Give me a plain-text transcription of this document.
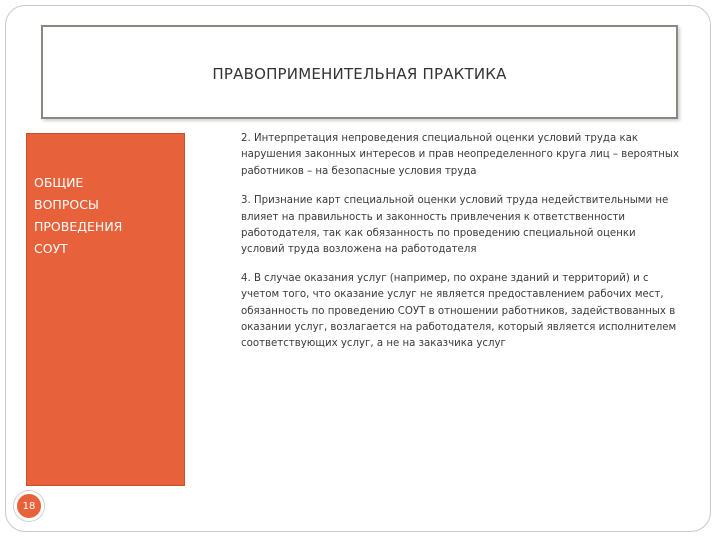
ПРАВОПРИМЕНИТЕЛЬНАЯ ПРАКТИКА
ОБЩИЕ
ВОПРОСЫ
ПРОВЕДЕНИЯ
СОУТ

2. Интерпретация непроведения специальной оценки условий труда как нарушения законных интересов и прав неопределенного круга лиц – вероятных работников – на безопасные условия труда

3. Признание карт специальной оценки условий труда недействительными не влияет на правильность и законность привлечения к ответственности работодателя, так как обязанность по проведению специальной оценки условий труда возложена на работодателя

4. В случае оказания услуг (например, по охране зданий и территорий) и с учетом того, что оказание услуг не является предоставлением рабочих мест, обязанность по проведению СОУТ в отношении работников, задействованных в оказании услуг, возлагается на работодателя, который является исполнителем соответствующих услуг, а не на заказчика услуг

18
